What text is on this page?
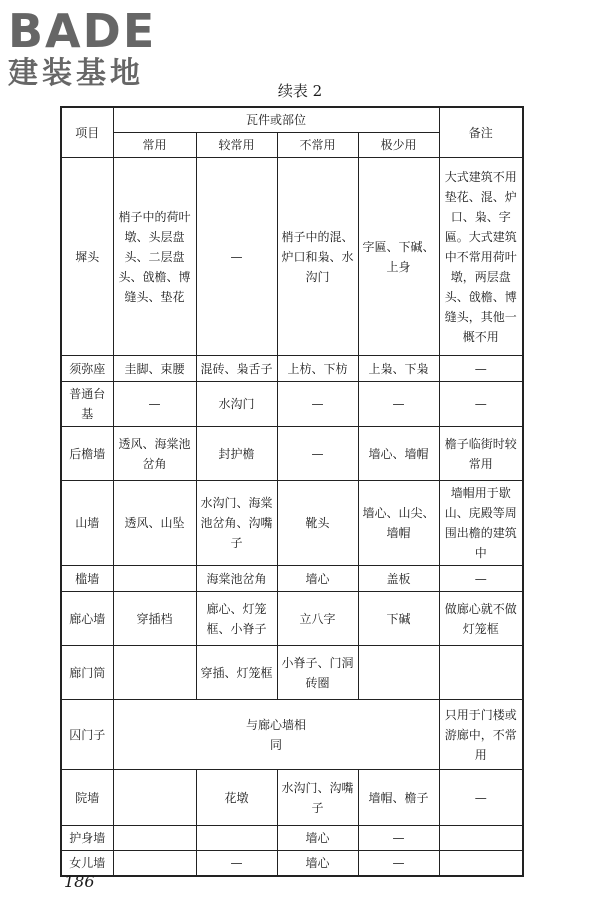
BADE
建装基地	续表 2
项目	瓦件或部位				备注
	常用	较常用	不常用	极少用	
墀头	梢子中的荷叶墩、头层盘头、二层盘头、戗檐、博缝头、垫花	—	梢子中的混、炉口和枭、水沟门	字匾、下碱、上身	大式建筑不用垫花、混、炉口、枭、字匾。大式建筑中不常用荷叶墩，两层盘头、戗檐、博缝头，其他一概不用
须弥座	圭脚、束腰	混砖、枭舌子	上枋、下枋	上枭、下枭	—
普通台基	—	水沟门	—	—	—
后檐墙	透风、海棠池岔角	封护檐	—	墙心、墙帽	檐子临街时较常用
山墙	透风、山坠	水沟门、海棠池岔角、沟嘴子	靴头	墙心、山尖、墙帽	墙帽用于歇山、庑殿等周围出檐的建筑中
槛墙		海棠池岔角	墙心	盖板	—
廊心墙	穿插档	廊心、灯笼框、小脊子	立八字	下碱	做廊心就不做灯笼框
廊门筒		穿插、灯笼框	小脊子、门洞砖圈		
囚门子	与廊心墙相同				只用于门楼或游廊中，不常用
院墙		花墩	水沟门、沟嘴子	墙帽、檐子	—
护身墙			墙心	—	
女儿墙		—	墙心	—	
186
